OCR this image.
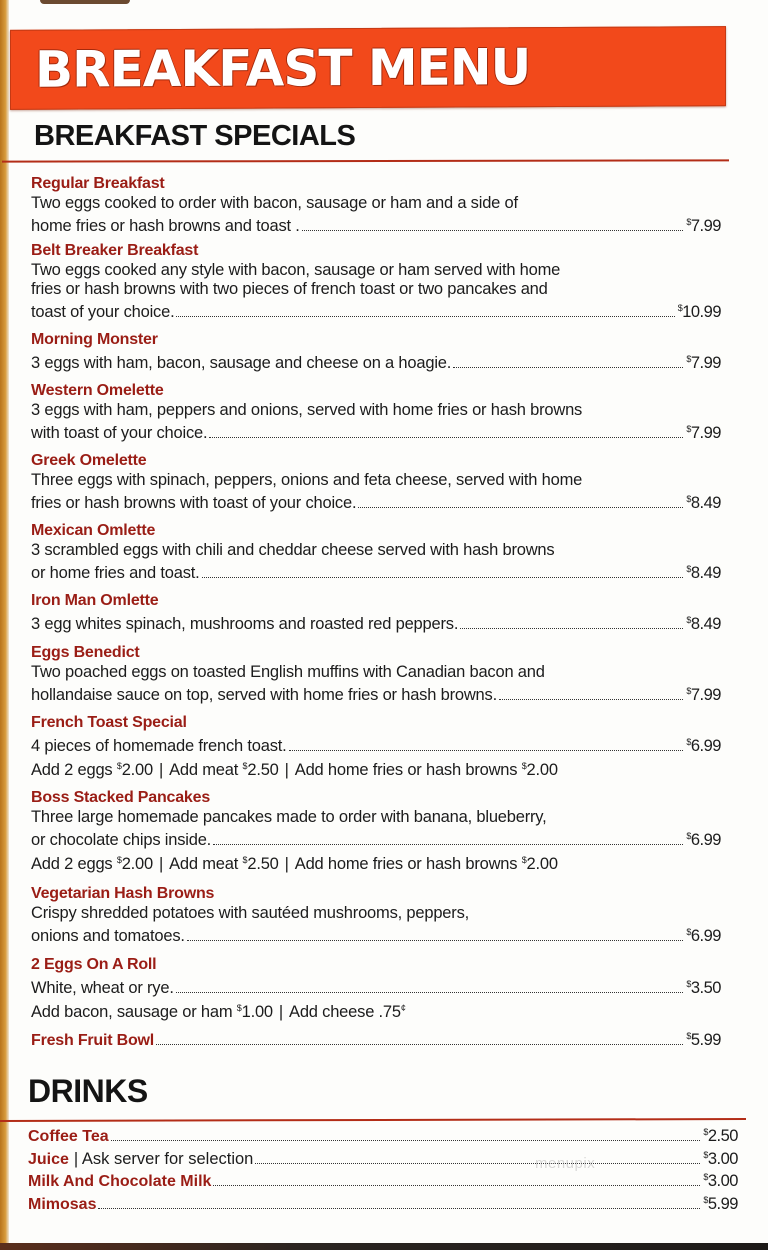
BREAKFAST MENU
BREAKFAST SPECIALS
Regular Breakfast
Two eggs cooked to order with bacon, sausage or ham and a side of
home fries or hash browns and toast .	$7.99
Belt Breaker Breakfast
Two eggs cooked any style with bacon, sausage or ham served with home
fries or hash browns with two pieces of french toast or two pancakes and
toast of your choice.	$10.99
Morning Monster
3 eggs with ham, bacon, sausage and cheese on a hoagie.	$7.99
Western Omelette
3 eggs with ham, peppers and onions, served with home fries or hash browns
with toast of your choice.	$7.99
Greek Omelette
Three eggs with spinach, peppers, onions and feta cheese, served with home
fries or hash browns with toast of your choice.	$8.49
Mexican Omlette
3 scrambled eggs with chili and cheddar cheese served with hash browns
or home fries and toast.	$8.49
Iron Man Omlette
3 egg whites spinach, mushrooms and roasted red peppers.	$8.49
Eggs Benedict
Two poached eggs on toasted English muffins with Canadian bacon and
hollandaise sauce on top, served with home fries or hash browns.	$7.99
French Toast Special
4 pieces of homemade french toast.	$6.99
Add 2 eggs $2.00 | Add meat $2.50 | Add home fries or hash browns $2.00
Boss Stacked Pancakes
Three large homemade pancakes made to order with banana, blueberry,
or chocolate chips inside.	$6.99
Add 2 eggs $2.00 | Add meat $2.50 | Add home fries or hash browns $2.00
Vegetarian Hash Browns
Crispy shredded potatoes with sautéed mushrooms, peppers,
onions and tomatoes.	$6.99
2 Eggs On A Roll
White, wheat or rye.	$3.50
Add bacon, sausage or ham $1.00 | Add cheese .75¢
Fresh Fruit Bowl	$5.99
DRINKS
Coffee Tea	$2.50
Juice | Ask server for selection	$3.00
Milk And Chocolate Milk	$3.00
Mimosas	$5.99
menupix
